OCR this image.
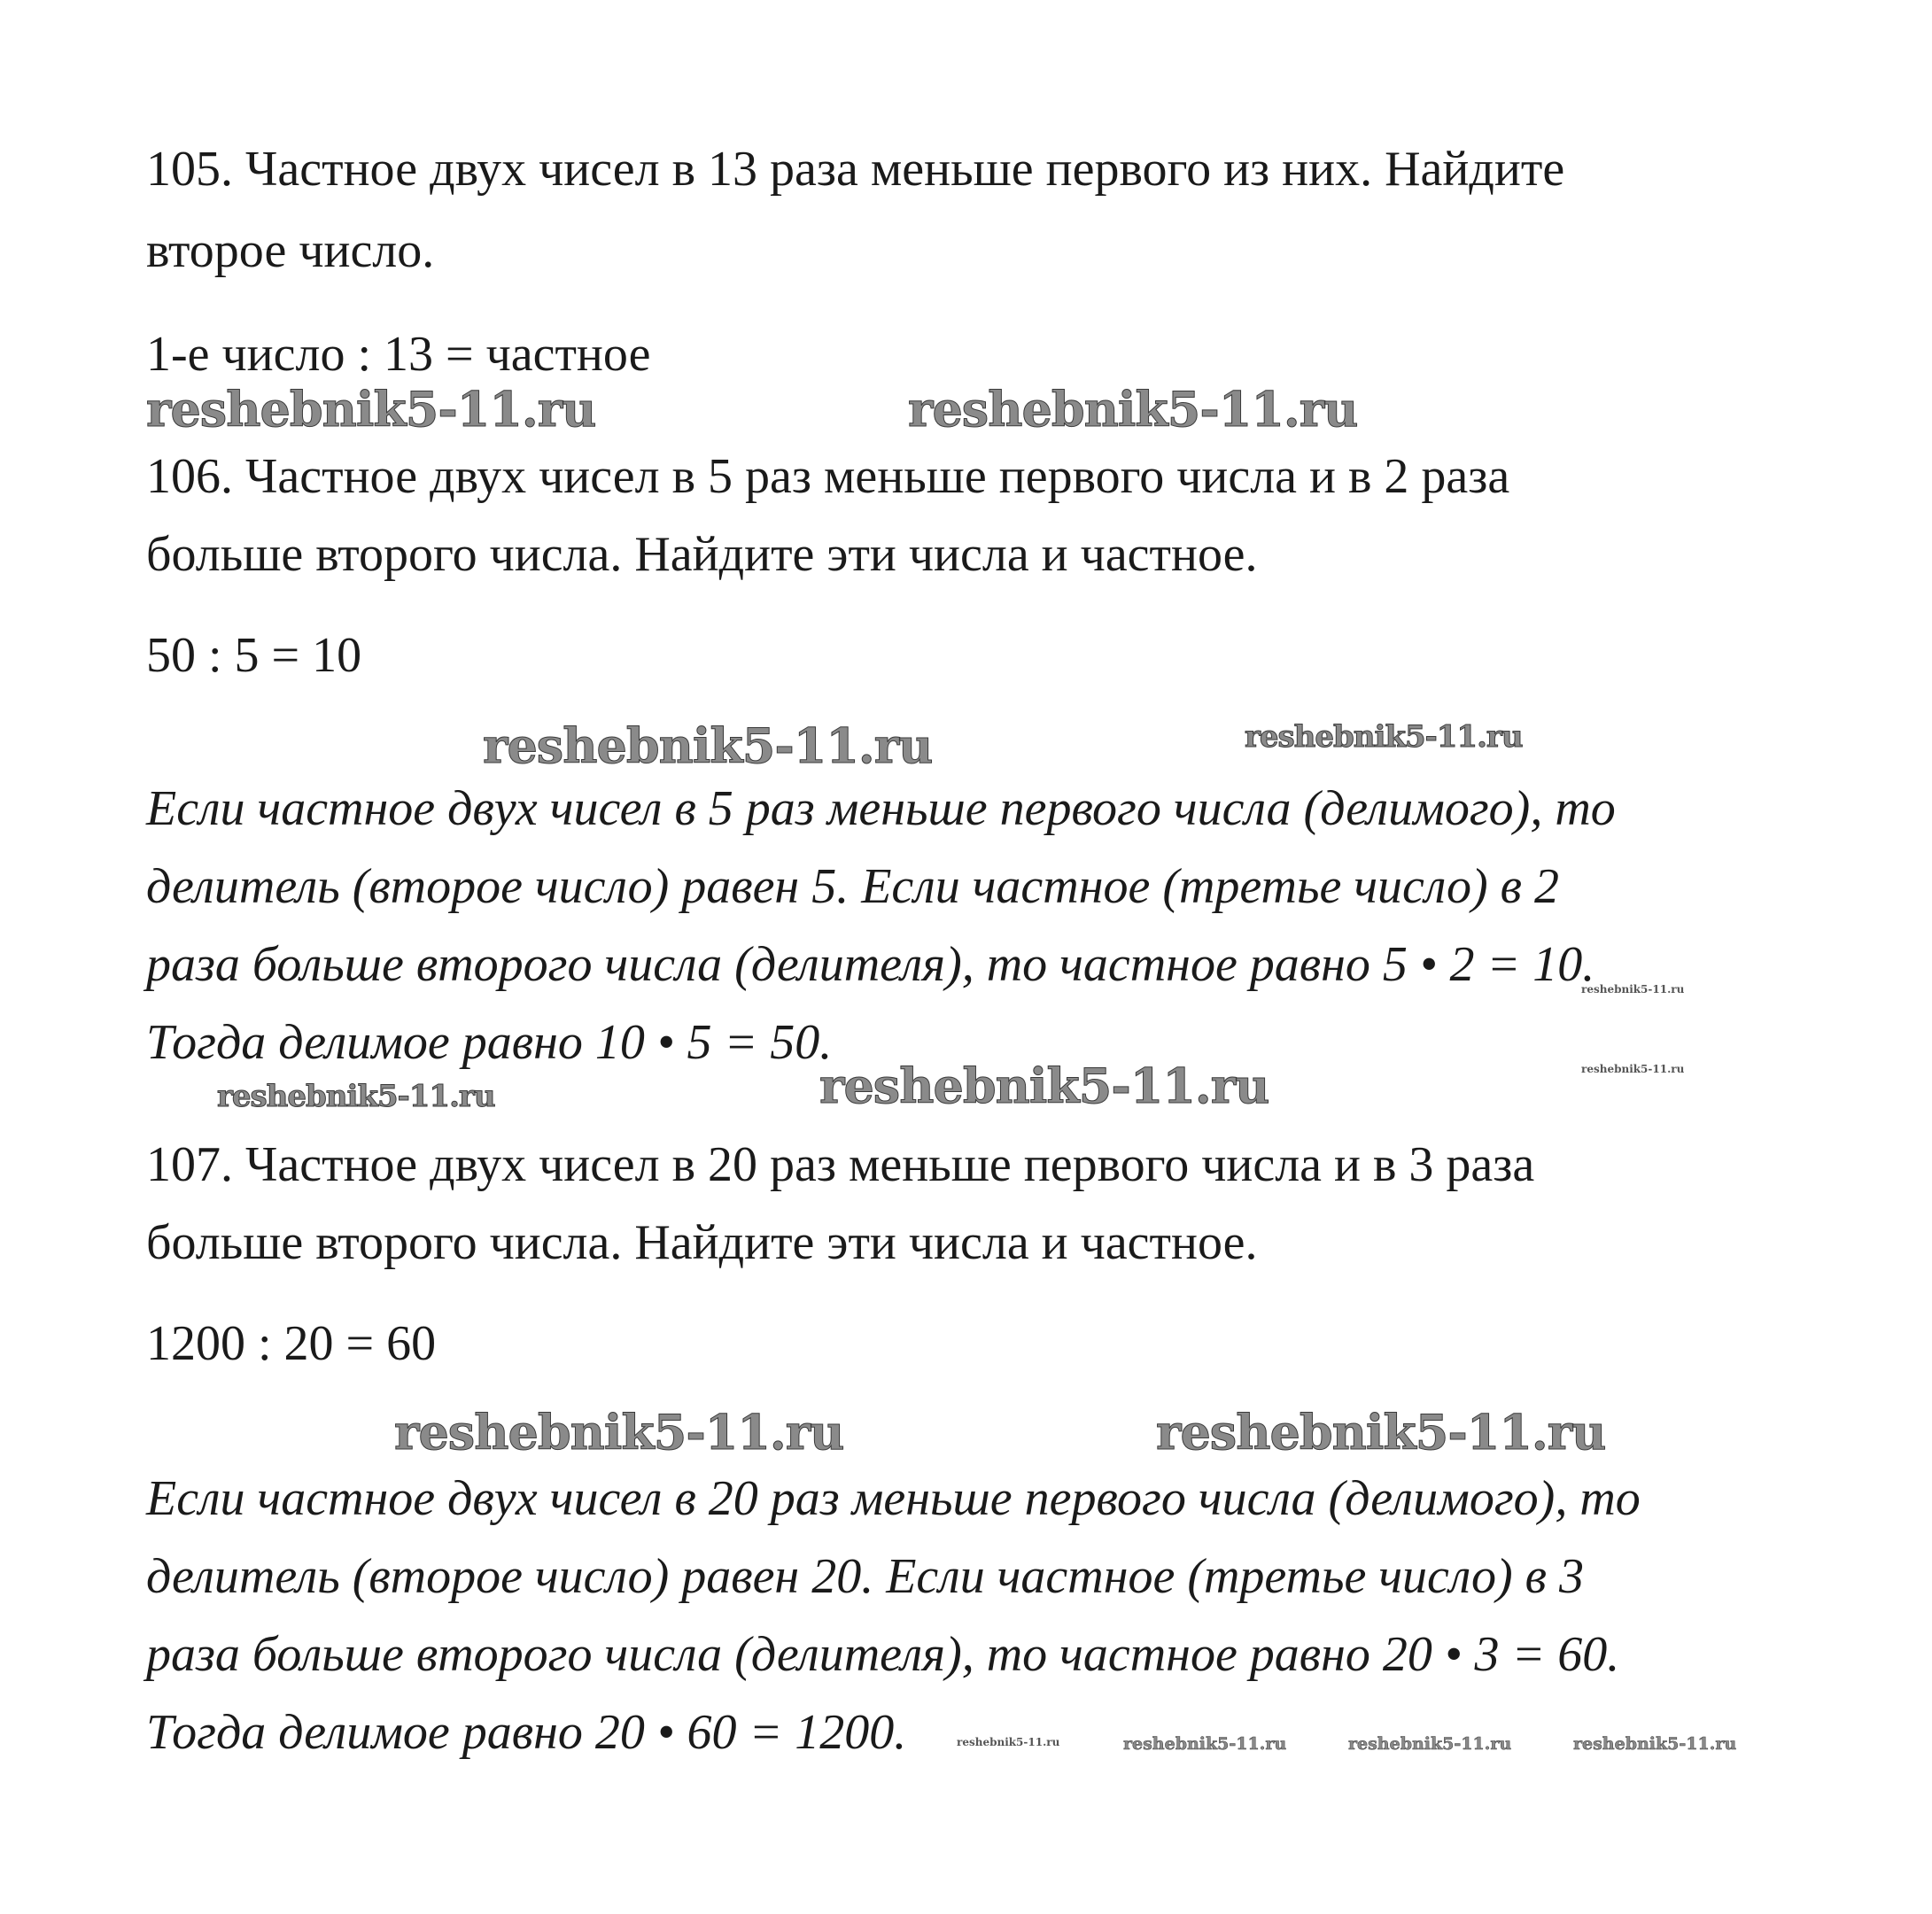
105. Частное двух чисел в 13 раза меньше первого из них. Найдите

второе число.

1-е число : 13 = частное

reshebnik5-11.ru	reshebnik5-11.ru

106. Частное двух чисел в 5 раз меньше первого числа и в 2 раза

больше второго числа. Найдите эти числа и частное.

50 : 5 = 10

reshebnik5-11.ru	reshebnik5-11.ru

Если частное двух чисел в 5 раз меньше первого числа (делимого), то

делитель (второе число) равен 5. Если частное (третье число) в 2

раза больше второго числа (делителя), то частное равно 5 • 2 = 10.

reshebnik5-11.ru

Тогда делимое равно 10 • 5 = 50.	reshebnik5-11.ru
reshebnik5-11.ru	reshebnik5-11.ru

107. Частное двух чисел в 20 раз меньше первого числа и в 3 раза

больше второго числа. Найдите эти числа и частное.

1200 : 20 = 60

reshebnik5-11.ru	reshebnik5-11.ru

Если частное двух чисел в 20 раз меньше первого числа (делимого), то

делитель (второе число) равен 20. Если частное (третье число) в 3

раза больше второго числа (делителя), то частное равно 20 • 3 = 60.

Тогда делимое равно 20 • 60 = 1200.	reshebnik5-11.ru	reshebnik5-11.ru	reshebnik5-11.ru	reshebnik5-11.ru
